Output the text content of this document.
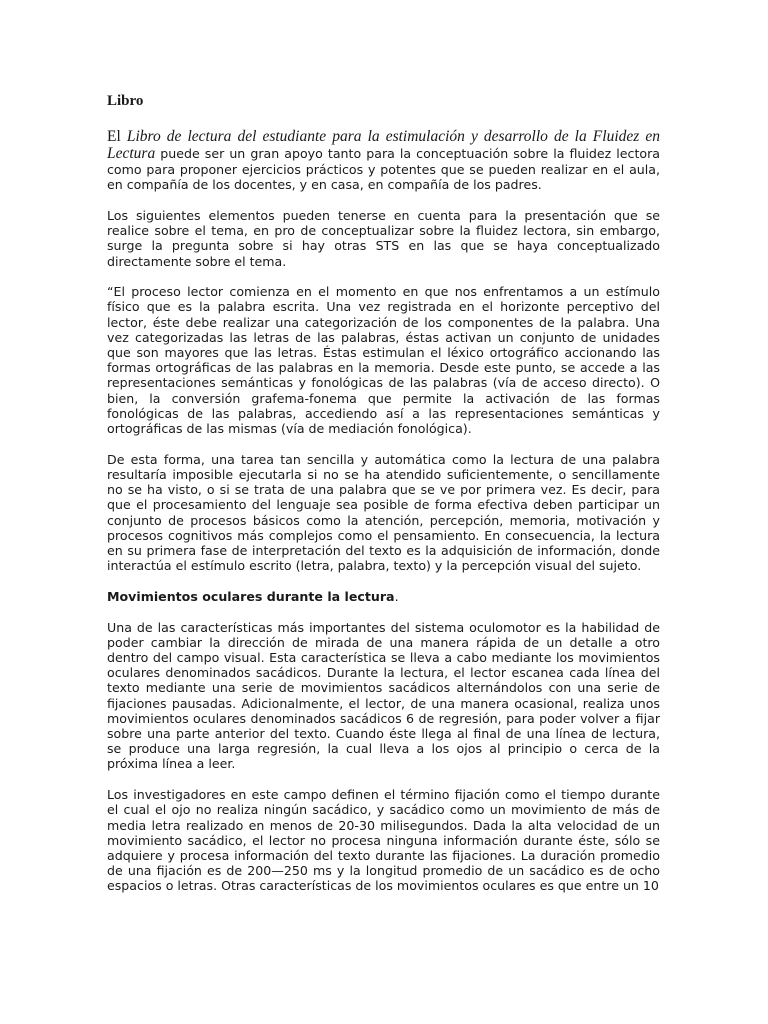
Libro

El Libro de lectura del estudiante para la estimulación y desarrollo de la Fluidez en Lectura puede ser un gran apoyo tanto para la conceptuación sobre la fluidez lectora como para proponer ejercicios prácticos y potentes que se pueden realizar en el aula, en compañía de los docentes, y en casa, en compañía de los padres.

Los siguientes elementos pueden tenerse en cuenta para la presentación que se realice sobre el tema, en pro de conceptualizar sobre la fluidez lectora, sin embargo, surge la pregunta sobre si hay otras STS en las que se haya conceptualizado directamente sobre el tema.

“El proceso lector comienza en el momento en que nos enfrentamos a un estímulo físico que es la palabra escrita. Una vez registrada en el horizonte perceptivo del lector, éste debe realizar una categorización de los componentes de la palabra. Una vez categorizadas las letras de las palabras, éstas activan un conjunto de unidades que son mayores que las letras. Éstas estimulan el léxico ortográfico accionando las formas ortográficas de las palabras en la memoria. Desde este punto, se accede a las representaciones semánticas y fonológicas de las palabras (vía de acceso directo). O bien, la conversión grafema-fonema que permite la activación de las formas fonológicas de las palabras, accediendo así a las representaciones semánticas y ortográficas de las mismas (vía de mediación fonológica).

De esta forma, una tarea tan sencilla y automática como la lectura de una palabra resultaría imposible ejecutarla si no se ha atendido suficientemente, o sencillamente no se ha visto, o si se trata de una palabra que se ve por primera vez. Es decir, para que el procesamiento del lenguaje sea posible de forma efectiva deben participar un conjunto de procesos básicos como la atención, percepción, memoria, motivación y procesos cognitivos más complejos como el pensamiento. En consecuencia, la lectura en su primera fase de interpretación del texto es la adquisición de información, donde interactúa el estímulo escrito (letra, palabra, texto) y la percepción visual del sujeto.

Movimientos oculares durante la lectura.

Una de las características más importantes del sistema oculomotor es la habilidad de poder cambiar la dirección de mirada de una manera rápida de un detalle a otro dentro del campo visual. Esta característica se lleva a cabo mediante los movimientos oculares denominados sacádicos. Durante la lectura, el lector escanea cada línea del texto mediante una serie de movimientos sacádicos alternándolos con una serie de fijaciones pausadas. Adicionalmente, el lector, de una manera ocasional, realiza unos movimientos oculares denominados sacádicos 6 de regresión, para poder volver a fijar sobre una parte anterior del texto. Cuando éste llega al final de una línea de lectura, se produce una larga regresión, la cual lleva a los ojos al principio o cerca de la próxima línea a leer.

Los investigadores en este campo definen el término fijación como el tiempo durante el cual el ojo no realiza ningún sacádico, y sacádico como un movimiento de más de media letra realizado en menos de 20-30 milisegundos. Dada la alta velocidad de un movimiento sacádico, el lector no procesa ninguna información durante éste, sólo se adquiere y procesa información del texto durante las fijaciones. La duración promedio de una fijación es de 200—250 ms y la longitud promedio de un sacádico es de ocho espacios o letras. Otras características de los movimientos oculares es que entre un 10
